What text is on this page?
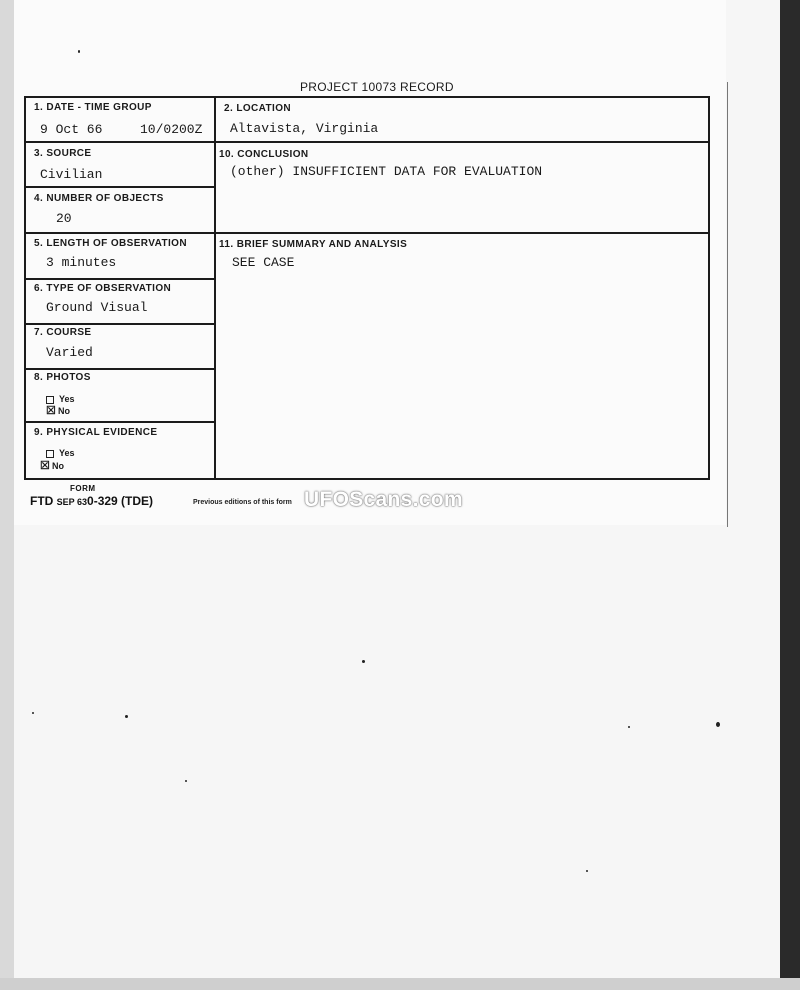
PROJECT 10073 RECORD
1. DATE - TIME GROUP
9 Oct 66	10/0200Z
2. LOCATION
Altavista, Virginia
3. SOURCE
Civilian
10. CONCLUSION
(other) INSUFFICIENT DATA FOR EVALUATION
4. NUMBER OF OBJECTS
20
5. LENGTH OF OBSERVATION
3 minutes
11. BRIEF SUMMARY AND ANALYSIS
SEE CASE
6. TYPE OF OBSERVATION
Ground Visual
7. COURSE
Varied
8. PHOTOS
Yes
☒ No
9. PHYSICAL EVIDENCE
Yes
☒ No
FORM
FTD SEP 630-329 (TDE)	Previous editions of this form UFOScans.com
